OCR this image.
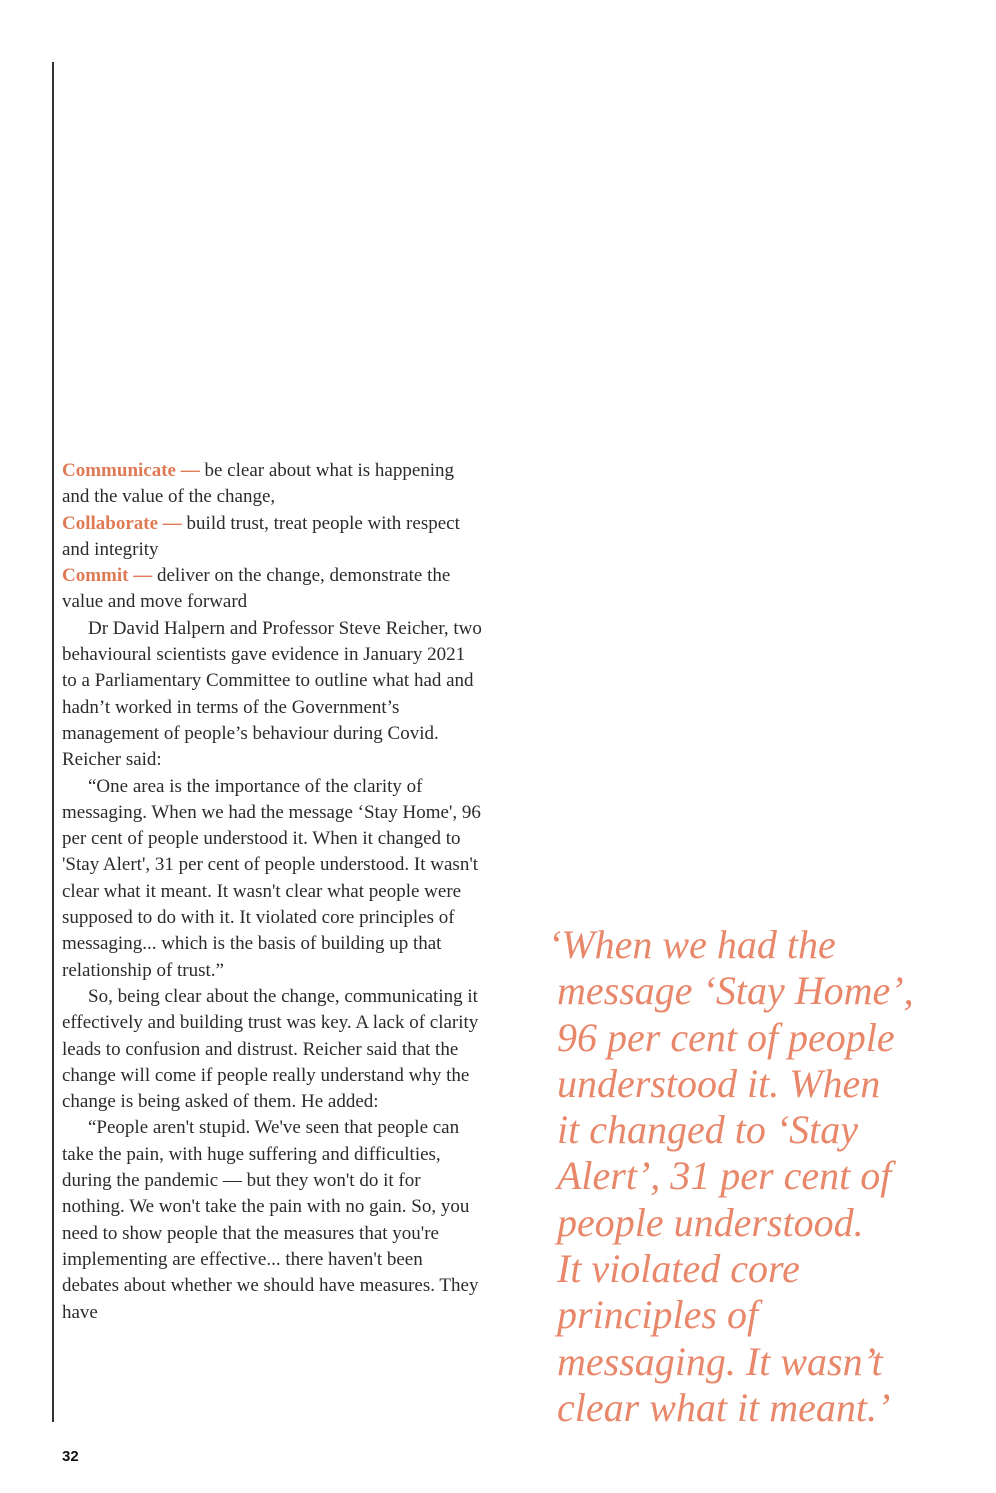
Communicate — be clear about what is happening and the value of the change,

Collaborate — build trust, treat people with respect and integrity

Commit — deliver on the change, demonstrate the value and move forward

Dr David Halpern and Professor Steve Reicher, two behavioural scientists gave evidence in January 2021 to a Parliamentary Committee to outline what had and hadn’t worked in terms of the Government’s management of people’s behaviour during Covid. Reicher said:

“One area is the importance of the clarity of messaging. When we had the message ‘Stay Home', 96 per cent of people understood it. When it changed to 'Stay Alert', 31 per cent of people understood. It wasn't clear what it meant. It wasn't clear what people were supposed to do with it. It violated core principles of messaging... which is the basis of building up that relationship of trust.”

So, being clear about the change, communicating it effectively and building trust was key. A lack of clarity leads to confusion and distrust. Reicher said that the change will come if people really understand why the change is being asked of them. He added:

“People aren't stupid. We've seen that people can take the pain, with huge suffering and difficulties, during the pandemic — but they won't do it for nothing. We won't take the pain with no gain. So, you need to show people that the measures that you're implementing are effective... there haven't been debates about whether we should have measures. They have

‘When we had the
message ‘Stay Home’,
96 per cent of people
understood it. When
it changed to ‘Stay
Alert’, 31 per cent of
people understood.
It violated core
principles of
messaging. It wasn’t
clear what it meant.’
32
